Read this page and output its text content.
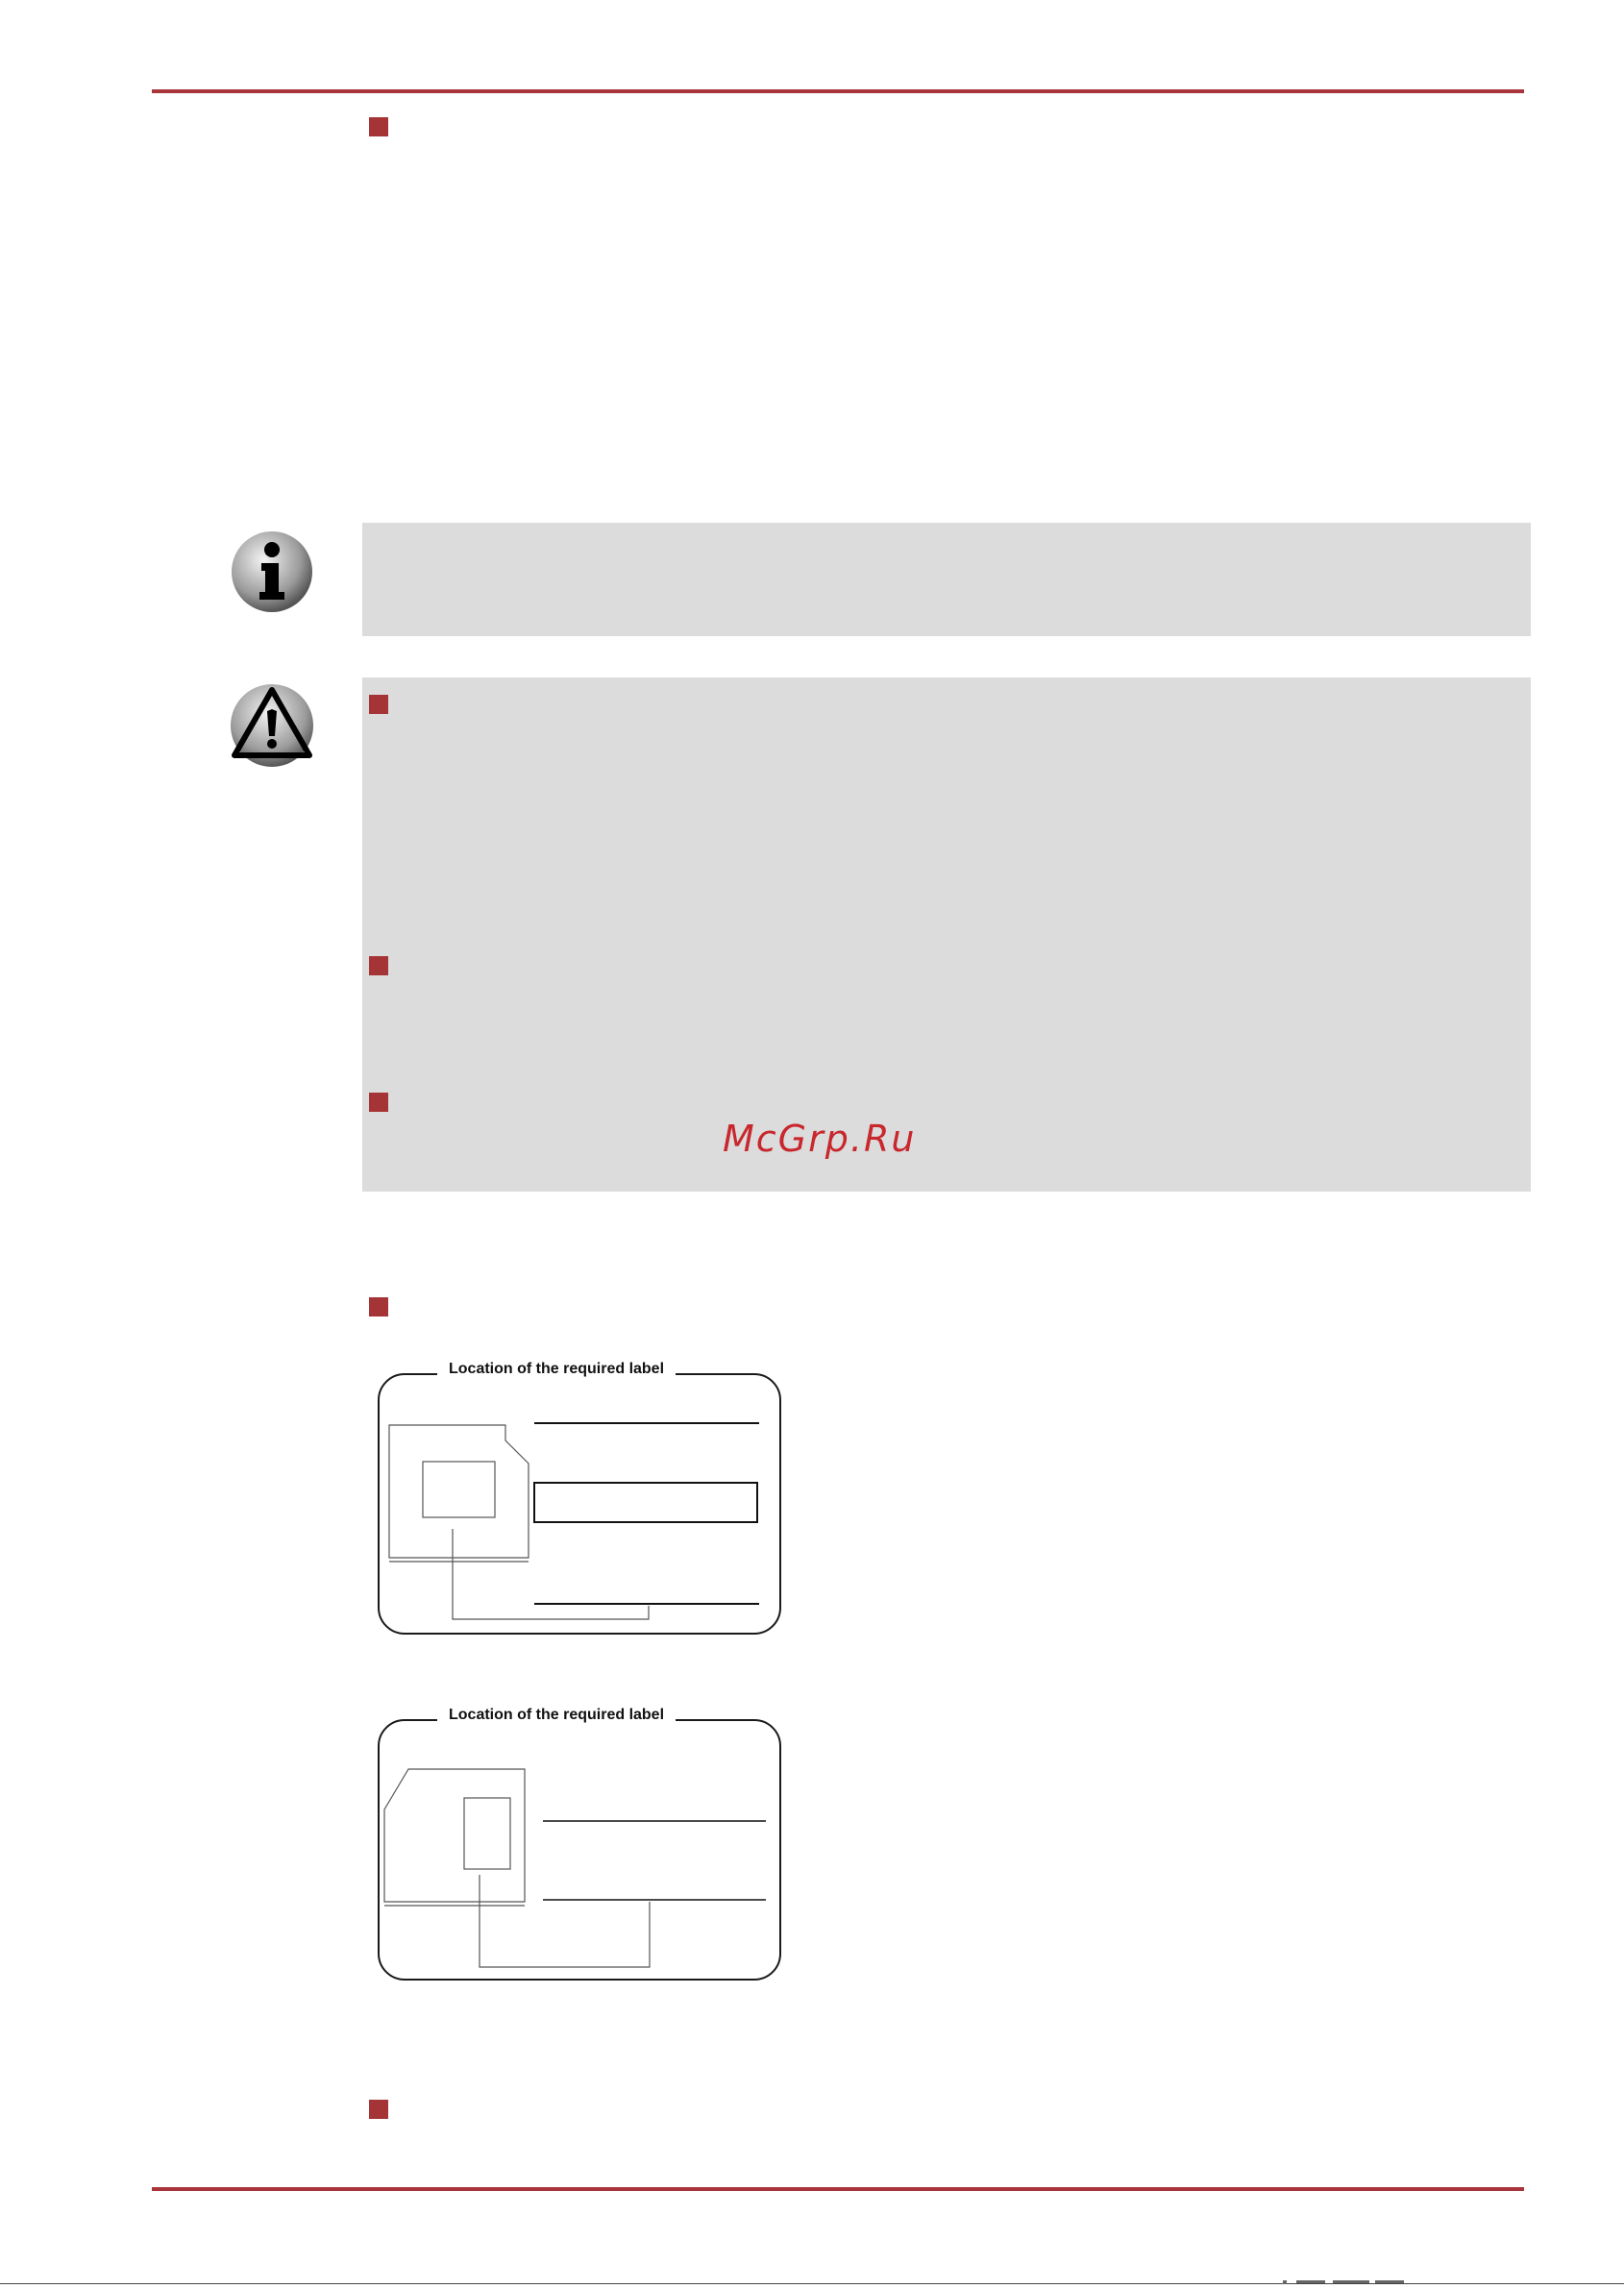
McGrp.Ru
Location of the required label
Location of the required label
